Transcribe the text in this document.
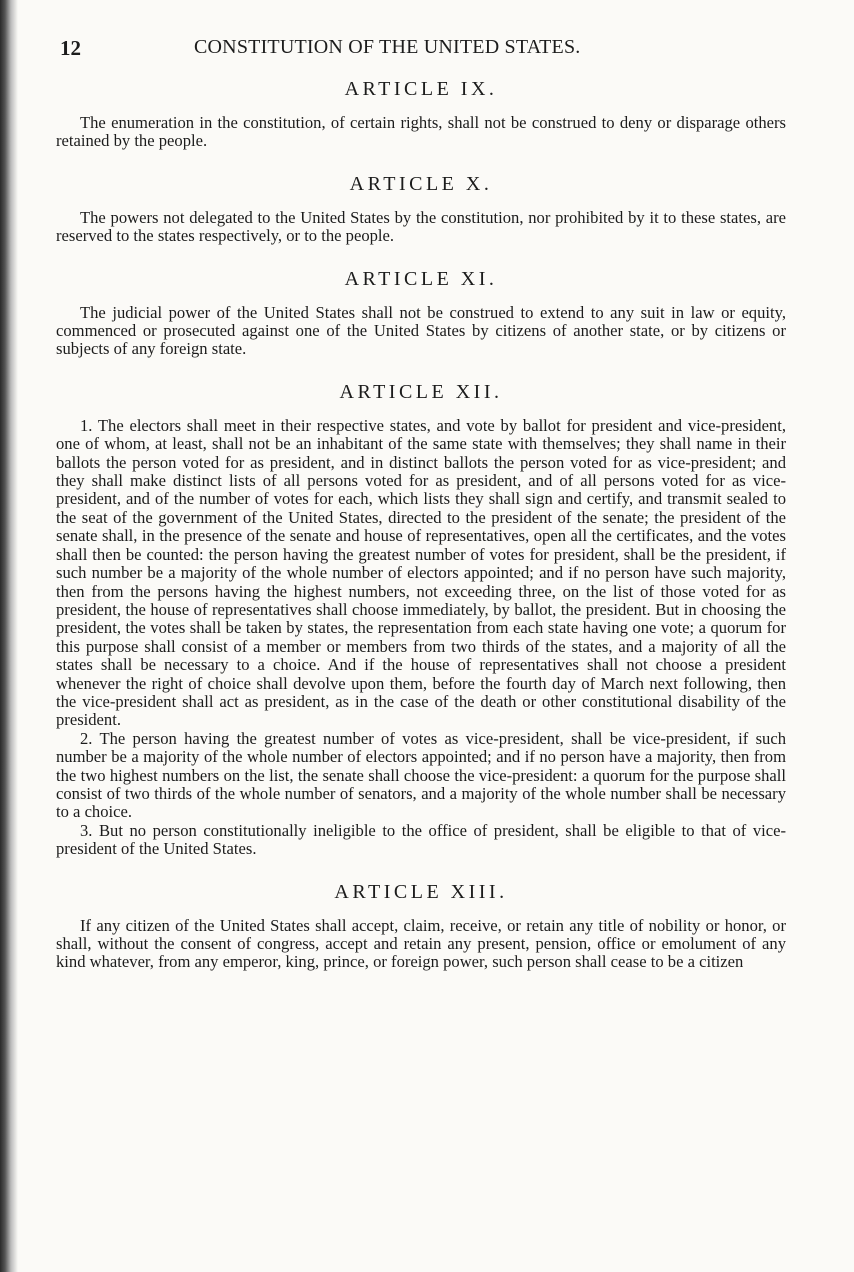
12	CONSTITUTION OF THE UNITED STATES.
ARTICLE IX.

The enumeration in the constitution, of certain rights, shall not be construed to deny or disparage others retained by the people.

ARTICLE X.

The powers not delegated to the United States by the constitution, nor prohibited by it to these states, are reserved to the states respectively, or to the people.

ARTICLE XI.

The judicial power of the United States shall not be construed to extend to any suit in law or equity, commenced or prosecuted against one of the United States by citizens of another state, or by citizens or subjects of any foreign state.

ARTICLE XII.

1. The electors shall meet in their respective states, and vote by ballot for president and vice-president, one of whom, at least, shall not be an inhabitant of the same state with themselves; they shall name in their ballots the person voted for as president, and in distinct ballots the person voted for as vice-president; and they shall make distinct lists of all persons voted for as president, and of all persons voted for as vice-president, and of the number of votes for each, which lists they shall sign and certify, and transmit sealed to the seat of the government of the United States, directed to the president of the senate; the president of the senate shall, in the presence of the senate and house of representatives, open all the certificates, and the votes shall then be counted: the person having the greatest number of votes for president, shall be the president, if such number be a majority of the whole number of electors appointed; and if no person have such majority, then from the persons having the highest numbers, not exceeding three, on the list of those voted for as president, the house of representatives shall choose immediately, by ballot, the president. But in choosing the president, the votes shall be taken by states, the representation from each state having one vote; a quorum for this purpose shall consist of a member or members from two thirds of the states, and a majority of all the states shall be necessary to a choice. And if the house of representatives shall not choose a president whenever the right of choice shall devolve upon them, before the fourth day of March next following, then the vice-president shall act as president, as in the case of the death or other constitutional disability of the president.

2. The person having the greatest number of votes as vice-president, shall be vice-president, if such number be a majority of the whole number of electors appointed; and if no person have a majority, then from the two highest numbers on the list, the senate shall choose the vice-president: a quorum for the purpose shall consist of two thirds of the whole number of senators, and a majority of the whole number shall be necessary to a choice.

3. But no person constitutionally ineligible to the office of president, shall be eligible to that of vice-president of the United States.

ARTICLE XIII.

If any citizen of the United States shall accept, claim, receive, or retain any title of nobility or honor, or shall, without the consent of congress, accept and retain any present, pension, office or emolument of any kind whatever, from any emperor, king, prince, or foreign power, such person shall cease to be a citizen
